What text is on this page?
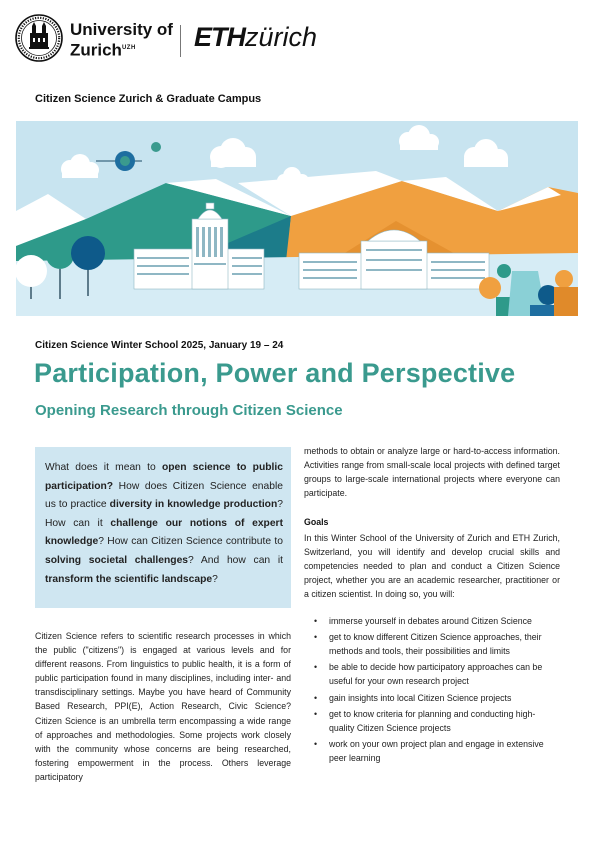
University of
Zurich$^{UZH}$	ETHzürich
Citizen Science Zurich & Graduate Campus
Citizen Science Winter School 2025, January 19 – 24
Participation, Power and Perspective
Opening Research through Citizen Science

What does it mean to open science to public participation? How does Citizen Science enable us to practice diversity in knowledge production? How can it challenge our notions of expert knowledge? How can Citizen Science contribute to solving societal challenges? And how can it transform the scientific landscape?

Citizen Science refers to scientific research processes in which the public ("citizens") is engaged at various levels and for different reasons. From linguistics to public health, it is a form of public participation found in many disciplines, including inter- and transdisciplinary settings. Maybe you have heard of Community Based Research, PPI(E), Action Research, Civic Science? Citizen Science is an umbrella term encompassing a wide range of approaches and methodologies. Some projects work closely with the community whose concerns are being researched, fostering empowerment in the process. Others leverage participatory

methods to obtain or analyze large or hard-to-access information. Activities range from small-scale local projects with defined target groups to large-scale international projects where everyone can participate.

Goals

In this Winter School of the University of Zurich and ETH Zurich, Switzerland, you will identify and develop crucial skills and competencies needed to plan and conduct a Citizen Science project, whether you are an academic researcher, practitioner or a citizen scientist. In doing so, you will:

• immerse yourself in debates around Citizen Science
• get to know different Citizen Science approaches, their methods and tools, their possibilities and limits
• be able to decide how participatory approaches can be useful for your own research project
• gain insights into local Citizen Science projects
• get to know criteria for planning and conducting high-quality Citizen Science projects
• work on your own project plan and engage in extensive peer learning
